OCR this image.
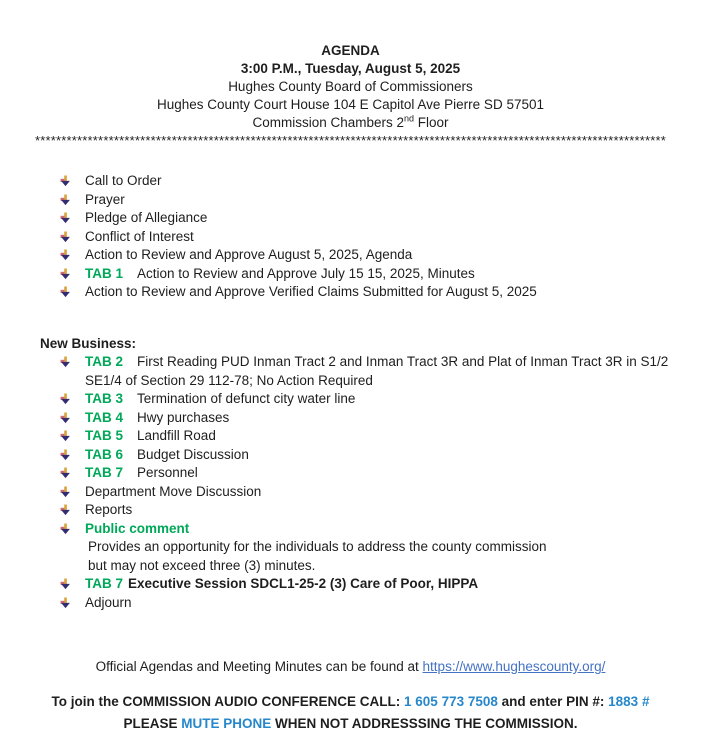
AGENDA
3:00 P.M., Tuesday, August 5, 2025
Hughes County Board of Commissioners
Hughes County Court House 104 E Capitol Ave Pierre SD 57501
Commission Chambers 2nd Floor
************************************************************************************************************************
Call to Order
Prayer
Pledge of Allegiance
Conflict of Interest
Action to Review and Approve August 5, 2025, Agenda
TAB 1 Action to Review and Approve July 15 15, 2025, Minutes
Action to Review and Approve Verified Claims Submitted for August 5, 2025
New Business:
TAB 2 First Reading PUD Inman Tract 2 and Inman Tract 3R and Plat of Inman Tract 3R in S1/2 SE1/4 of Section 29 112-78; No Action Required
TAB 3 Termination of defunct city water line
TAB 4 Hwy purchases
TAB 5 Landfill Road
TAB 6 Budget Discussion
TAB 7 Personnel
Department Move Discussion
Reports
Public comment
Provides an opportunity for the individuals to address the county commission
but may not exceed three (3) minutes.
TAB 7 Executive Session SDCL1-25-2 (3) Care of Poor, HIPPA
Adjourn
Official Agendas and Meeting Minutes can be found at https://www.hughescounty.org/
To join the COMMISSION AUDIO CONFERENCE CALL: 1 605 773 7508 and enter PIN #: 1883 #
PLEASE MUTE PHONE WHEN NOT ADDRESSSING THE COMMISSION.
